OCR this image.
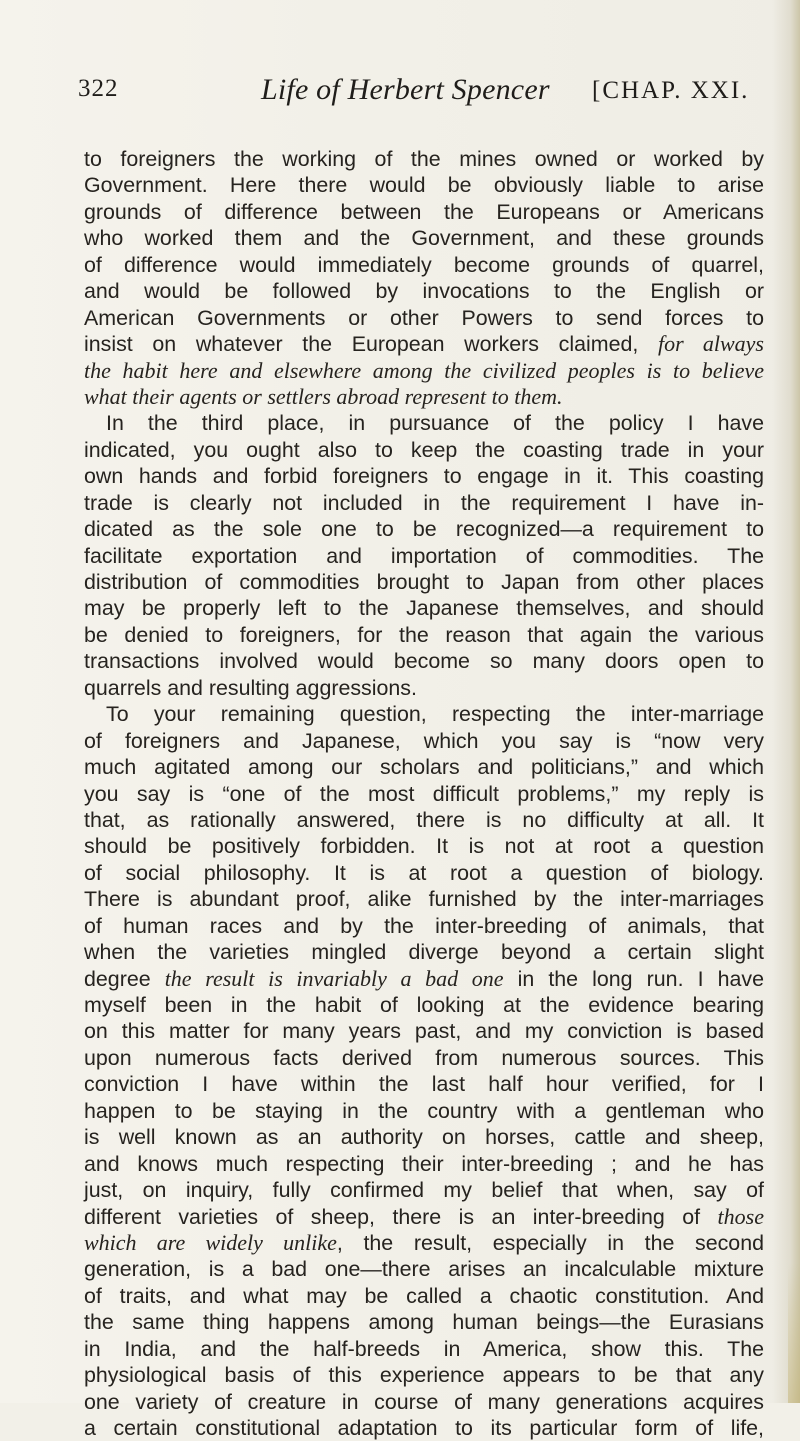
322	Life of Herbert Spencer [CHAP. XXI.
to foreigners the working of the mines owned or worked by
Government. Here there would be obviously liable to arise
grounds of difference between the Europeans or Americans
who worked them and the Government, and these grounds
of difference would immediately become grounds of quarrel,
and would be followed by invocations to the English or
American Governments or other Powers to send forces to
insist on whatever the European workers claimed, for always
the habit here and elsewhere among the civilized peoples is to believe
what their agents or settlers abroad represent to them.
In the third place, in pursuance of the policy I have
indicated, you ought also to keep the coasting trade in your
own hands and forbid foreigners to engage in it. This coasting
trade is clearly not included in the requirement I have in-
dicated as the sole one to be recognized—a requirement to
facilitate exportation and importation of commodities. The
distribution of commodities brought to Japan from other places
may be properly left to the Japanese themselves, and should
be denied to foreigners, for the reason that again the various
transactions involved would become so many doors open to
quarrels and resulting aggressions.
To your remaining question, respecting the inter-marriage
of foreigners and Japanese, which you say is “now very
much agitated among our scholars and politicians,” and which
you say is “one of the most difficult problems,” my reply is
that, as rationally answered, there is no difficulty at all. It
should be positively forbidden. It is not at root a question
of social philosophy. It is at root a question of biology.
There is abundant proof, alike furnished by the inter-marriages
of human races and by the inter-breeding of animals, that
when the varieties mingled diverge beyond a certain slight
degree the result is invariably a bad one in the long run. I have
myself been in the habit of looking at the evidence bearing
on this matter for many years past, and my conviction is based
upon numerous facts derived from numerous sources. This
conviction I have within the last half hour verified, for I
happen to be staying in the country with a gentleman who
is well known as an authority on horses, cattle and sheep,
and knows much respecting their inter-breeding ; and he has
just, on inquiry, fully confirmed my belief that when, say of
different varieties of sheep, there is an inter-breeding of those
which are widely unlike, the result, especially in the second
generation, is a bad one—there arises an incalculable mixture
of traits, and what may be called a chaotic constitution. And
the same thing happens among human beings—the Eurasians
in India, and the half-breeds in America, show this. The
physiological basis of this experience appears to be that any
one variety of creature in course of many generations acquires
a certain constitutional adaptation to its particular form of life,
